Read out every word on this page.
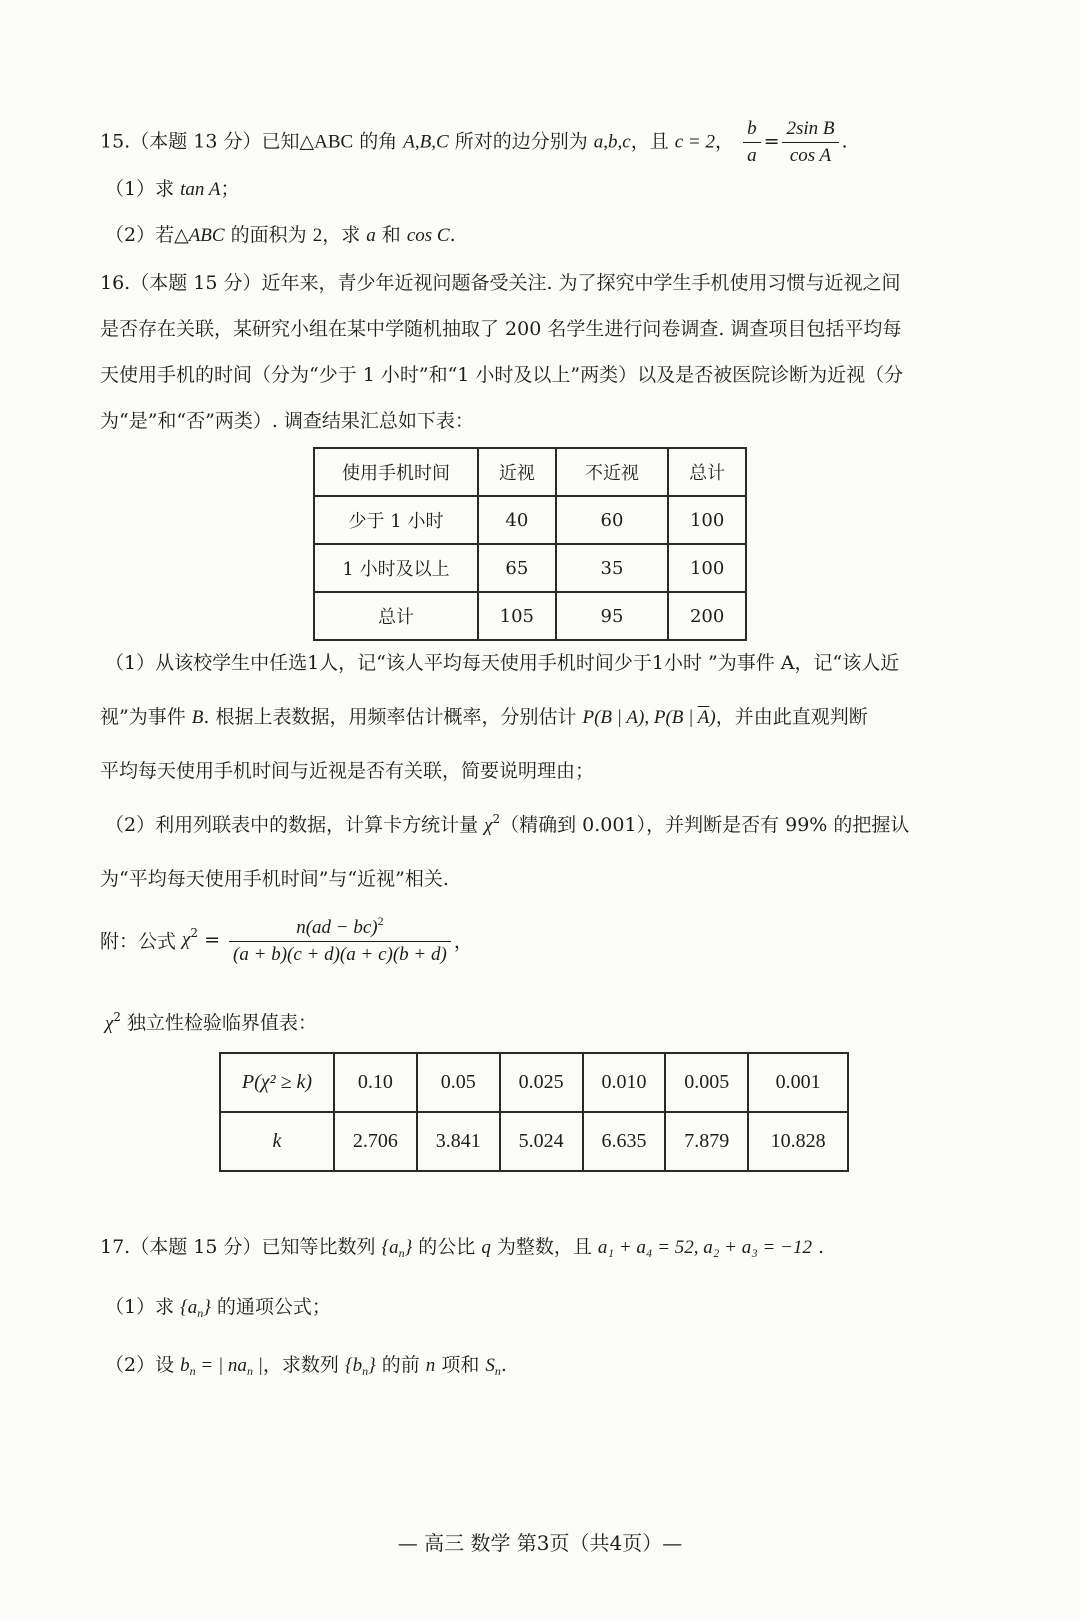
15.（本题 13 分）已知△ABC 的角 A,B,C 所对的边分别为 a,b,c，且 c = 2， $\frac{b}{a} = \frac{\text{2sin B}}{\text{cos A}}$ .
（1）求 tan A；
（2）若△ABC 的面积为 2，求 a 和 cos C.
16.（本题 15 分）近年来，青少年近视问题备受关注. 为了探究中学生手机使用习惯与近视之间
是否存在关联，某研究小组在某中学随机抽取了 200 名学生进行问卷调查. 调查项目包括平均每
天使用手机的时间（分为“少于 1 小时”和“1 小时及以上”两类）以及是否被医院诊断为近视（分
为“是”和“否”两类）. 调查结果汇总如下表：
使用手机时间	近视	不近视	总计
少于 1 小时	40	60	100
1 小时及以上	65	35	100
总计	105	95	200
（1）从该校学生中任选1人，记“该人平均每天使用手机时间少于1小时 ”为事件 A，记“该人近
视”为事件 B. 根据上表数据，用频率估计概率，分别估计 P(B | A), P(B | $\overline{A}$)，并由此直观判断
平均每天使用手机时间与近视是否有关联，简要说明理由；
（2）利用列联表中的数据，计算卡方统计量 $\chi^2$（精确到 0.001），并判断是否有 99% 的把握认
为“平均每天使用手机时间”与“近视”相关.
附：公式 $\chi^2 = \frac{n(ad - bc)^2}{(a + b)(c + d)(a + c)(b + d)}$ ，
$\chi^2$ 独立性检验临界值表：
P(χ² ≥ k)	0.10	0.05	0.025	0.010	0.005	0.001
k	2.706	3.841	5.024	6.635	7.879	10.828
17.（本题 15 分）已知等比数列 $\{a_n\}$ 的公比 q 为整数，且 a₁ + a₄ = 52, a₂ + a₃ = −12 .
（1）求 $\{a_n\}$ 的通项公式；
（2）设 $b_n$ = | $na_n$ |，求数列 $\{b_n\}$ 的前 n 项和 $S_n$.
— 高三 数学 第3页（共4页）—
